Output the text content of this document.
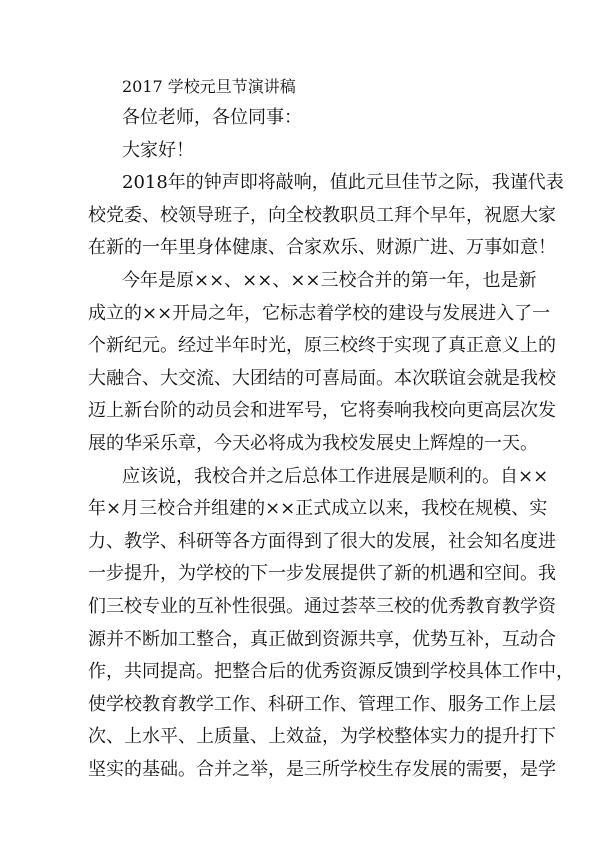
2017 学校元旦节演讲稿
各位老师，各位同事：
大家好！
2018年的钟声即将敲响，值此元旦佳节之际，我谨代表
校党委、校领导班子，向全校教职员工拜个早年，祝愿大家
在新的一年里身体健康、合家欢乐、财源广进、万事如意！
今年是原××、××、××三校合并的第一年，也是新
成立的××开局之年，它标志着学校的建设与发展进入了一
个新纪元。经过半年时光，原三校终于实现了真正意义上的
大融合、大交流、大团结的可喜局面。本次联谊会就是我校
迈上新台阶的动员会和进军号，它将奏响我校向更高层次发
展的华采乐章，今天必将成为我校发展史上辉煌的一天。
应该说，我校合并之后总体工作进展是顺利的。自××
年×月三校合并组建的××正式成立以来，我校在规模、实
力、教学、科研等各方面得到了很大的发展，社会知名度进
一步提升，为学校的下一步发展提供了新的机遇和空间。我
们三校专业的互补性很强。通过荟萃三校的优秀教育教学资
源并不断加工整合，真正做到资源共享，优势互补，互动合
作，共同提高。把整合后的优秀资源反馈到学校具体工作中，
使学校教育教学工作、科研工作、管理工作、服务工作上层
次、上水平、上质量、上效益，为学校整体实力的提升打下
坚实的基础。合并之举，是三所学校生存发展的需要，是学
